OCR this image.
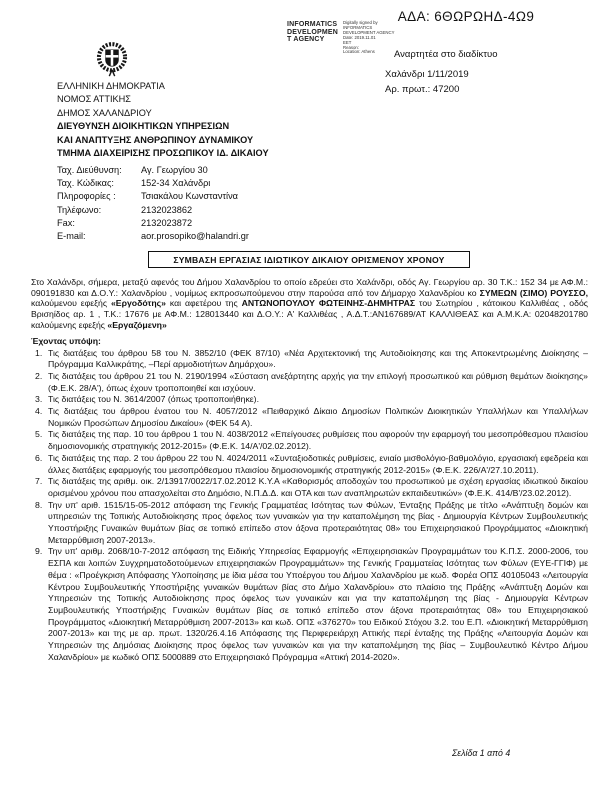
ΑΔΑ: 6ΘΩΡΩΗΔ-4Ω9
INFORMATICS
DEVELOPMEN
T AGENCY
Digitally signed by
INFORMATICS
DEVELOPMENT AGENCY
Date: 2019.11.01
EET
Reason:
Location: Athens	Αναρτητέα στο διαδίκτυο
Χαλάνδρι 1/11/2019
Αρ. πρωτ.: 47200
ΕΛΛΗΝΙΚΗ ΔΗΜΟΚΡΑΤΙΑ
ΝΟΜΟΣ ΑΤΤΙΚΗΣ
ΔΗΜΟΣ ΧΑΛΑΝΔΡΙΟΥ
ΔΙΕΥΘΥΝΣΗ ΔΙΟΙΚΗΤΙΚΩΝ ΥΠΗΡΕΣΙΩΝ
ΚΑΙ ΑΝΑΠΤΥΞΗΣ ΑΝΘΡΩΠΙΝΟΥ ΔΥΝΑΜΙΚΟΥ
ΤΜΗΜΑ ΔΙΑΧΕΙΡΙΣΗΣ ΠΡΟΣΩΠΙΚΟΥ ΙΔ. ΔΙΚΑΙΟΥ
Ταχ. Διεύθυνση:	Αγ. Γεωργίου 30
Ταχ. Κώδικας:	152-34 Χαλάνδρι
Πληροφορίες :	Τσιακάλου Κωνσταντίνα
Τηλέφωνο:	2132023862
Fax:	2132023872
E-mail:	aor.prosopiko@halandri.gr
ΣΥΜΒΑΣΗ ΕΡΓΑΣΙΑΣ ΙΔΙΩΤΙΚΟΥ ΔΙΚΑΙΟΥ ΟΡΙΣΜΕΝΟΥ ΧΡΟΝΟΥ

Στο Χαλάνδρι, σήμερα, μεταξύ αφενός του Δήμου Χαλανδρίου το οποίο εδρεύει στο Χαλάνδρι, οδός Αγ. Γεωργίου αρ. 30 Τ.Κ.: 152 34 με ΑΦ.Μ.: 090191830 και Δ.Ο.Υ.: Χαλανδρίου , νομίμως εκπροσωπούμενου στην παρούσα από τον Δήμαρχο Χαλανδρίου κο ΣΥΜΕΩΝ (ΣΙΜΟ) ΡΟΥΣΣΟ, καλούμενου εφεξής «Εργοδότης» και αφετέρου της ΑΝΤΩΝΟΠΟΥΛΟΥ ΦΩΤΕΙΝΗΣ-ΔΗΜΗΤΡΑΣ του Σωτηρίου , κάτοικου Καλλιθέας , οδός Βρισηίδος αρ. 1 , Τ.Κ.: 17676 με ΑΦ.Μ.: 128013440 και Δ.Ο.Υ.: Α' Καλλιθέας , Α.Δ.Τ.:ΑΝ167689/ΑΤ ΚΑΛΛΙΘΕΑΣ και Α.Μ.Κ.Α: 02048201780 καλούμενης εφεξής «Εργαζόμενη»

Έχοντας υπόψη:
1. Τις διατάξεις του άρθρου 58 του Ν. 3852/10 (ΦΕΚ 87/10) «Νέα Αρχιτεκτονική της Αυτοδιοίκησης και της Αποκεντρωμένης Διοίκησης – Πρόγραμμα Καλλικράτης, –Περί αρμοδιοτήτων Δημάρχου».
2. Τις διατάξεις του άρθρου 21 του Ν. 2190/1994 «Σύσταση ανεξάρτητης αρχής για την επιλογή προσωπικού και ρύθμιση θεμάτων διοίκησης» (Φ.Ε.Κ. 28/Α'), όπως έχουν τροποποιηθεί και ισχύουν.
3. Τις διατάξεις του Ν. 3614/2007 (όπως τροποποιήθηκε).
4. Τις διατάξεις του άρθρου ένατου του Ν. 4057/2012 «Πειθαρχικό Δίκαιο Δημοσίων Πολιτικών Διοικητικών Υπαλλήλων και Υπαλλήλων Νομικών Προσώπων Δημοσίου Δικαίου» (ΦΕΚ 54 Α).
5. Τις διατάξεις της παρ. 10 του άρθρου 1 του Ν. 4038/2012 «Επείγουσες ρυθμίσεις που αφορούν την εφαρμογή του μεσοπρόθεσμου πλαισίου δημοσιονομικής στρατηγικής 2012-2015» (Φ.Ε.Κ. 14/Α'/02.02.2012).
6. Τις διατάξεις της παρ. 2 του άρθρου 22 του Ν. 4024/2011 «Συνταξιοδοτικές ρυθμίσεις, ενιαίο μισθολόγιο-βαθμολόγιο, εργασιακή εφεδρεία και άλλες διατάξεις εφαρμογής του μεσοπρόθεσμου πλαισίου δημοσιονομικής στρατηγικής 2012-2015» (Φ.Ε.Κ. 226/Α'/27.10.2011).
7. Τις διατάξεις της αριθμ. οικ. 2/13917/0022/17.02.2012 Κ.Υ.Α «Καθορισμός αποδοχών του προσωπικού με σχέση εργασίας ιδιωτικού δικαίου ορισμένου χρόνου που απασχολείται στο Δημόσιο, Ν.Π.Δ.Δ. και ΟΤΑ και των αναπληρωτών εκπαιδευτικών» (Φ.Ε.Κ. 414/Β'/23.02.2012).
8. Την υπ' αριθ. 1515/15-05-2012 απόφαση της Γενικής Γραμματέας Ισότητας των Φύλων, Ένταξης Πράξης με τίτλο «Ανάπτυξη δομών και υπηρεσιών της Τοπικής Αυτοδιοίκησης προς όφελος των γυναικών για την καταπολέμηση της βίας - Δημιουργία Κέντρων Συμβουλευτικής Υποστήριξης Γυναικών θυμάτων βίας σε τοπικό επίπεδο στον άξονα προτεραιότητας 08» του Επιχειρησιακού Προγράμματος «Διοικητική Μεταρρύθμιση 2007-2013».
9. Την υπ' αριθμ. 2068/10-7-2012 απόφαση της Ειδικής Υπηρεσίας Εφαρμογής «Επιχειρησιακών Προγραμμάτων του Κ.Π.Σ. 2000-2006, του ΕΣΠΑ και λοιπών Συγχρηματοδοτούμενων επιχειρησιακών Προγραμμάτων» της Γενικής Γραμματείας Ισότητας των Φύλων (ΕΥΕ-ΓΓΙΦ) με θέμα : «Προέγκριση Απόφασης Υλοποίησης με ίδια μέσα του Υποέργου του Δήμου Χαλανδρίου με κωδ. Φορέα ΟΠΣ 40105043 «Λειτουργία Κέντρου Συμβουλευτικής Υποστήριξης γυναικών θυμάτων βίας στο Δήμο Χαλανδρίου» στο πλαίσιο της Πράξης «Ανάπτυξη Δομών και Υπηρεσιών της Τοπικής Αυτοδιοίκησης προς όφελος των γυναικών και για την καταπολέμηση της βίας - Δημιουργία Κέντρων Συμβουλευτικής Υποστήριξης Γυναικών θυμάτων βίας σε τοπικό επίπεδο στον άξονα προτεραιότητας 08» του Επιχειρησιακού Προγράμματος «Διοικητική Μεταρρύθμιση 2007-2013» και κωδ. ΟΠΣ «376270» του Ειδικού Στόχου 3.2. του Ε.Π. «Διοικητική Μεταρρύθμιση 2007-2013» και της με αρ. πρωτ. 1320/26.4.16 Απόφασης της Περιφερειάρχη Αττικής περί ένταξης της Πράξης «Λειτουργία Δομών και Υπηρεσιών της Δημόσιας Διοίκησης προς όφελος των γυναικών και για την καταπολέμηση της βίας – Συμβουλευτικό Κέντρο Δήμου Χαλανδρίου» με κωδικό ΟΠΣ 5000889 στο Επιχειρησιακό Πρόγραμμα «Αττική 2014-2020».
Σελίδα 1 από 4
